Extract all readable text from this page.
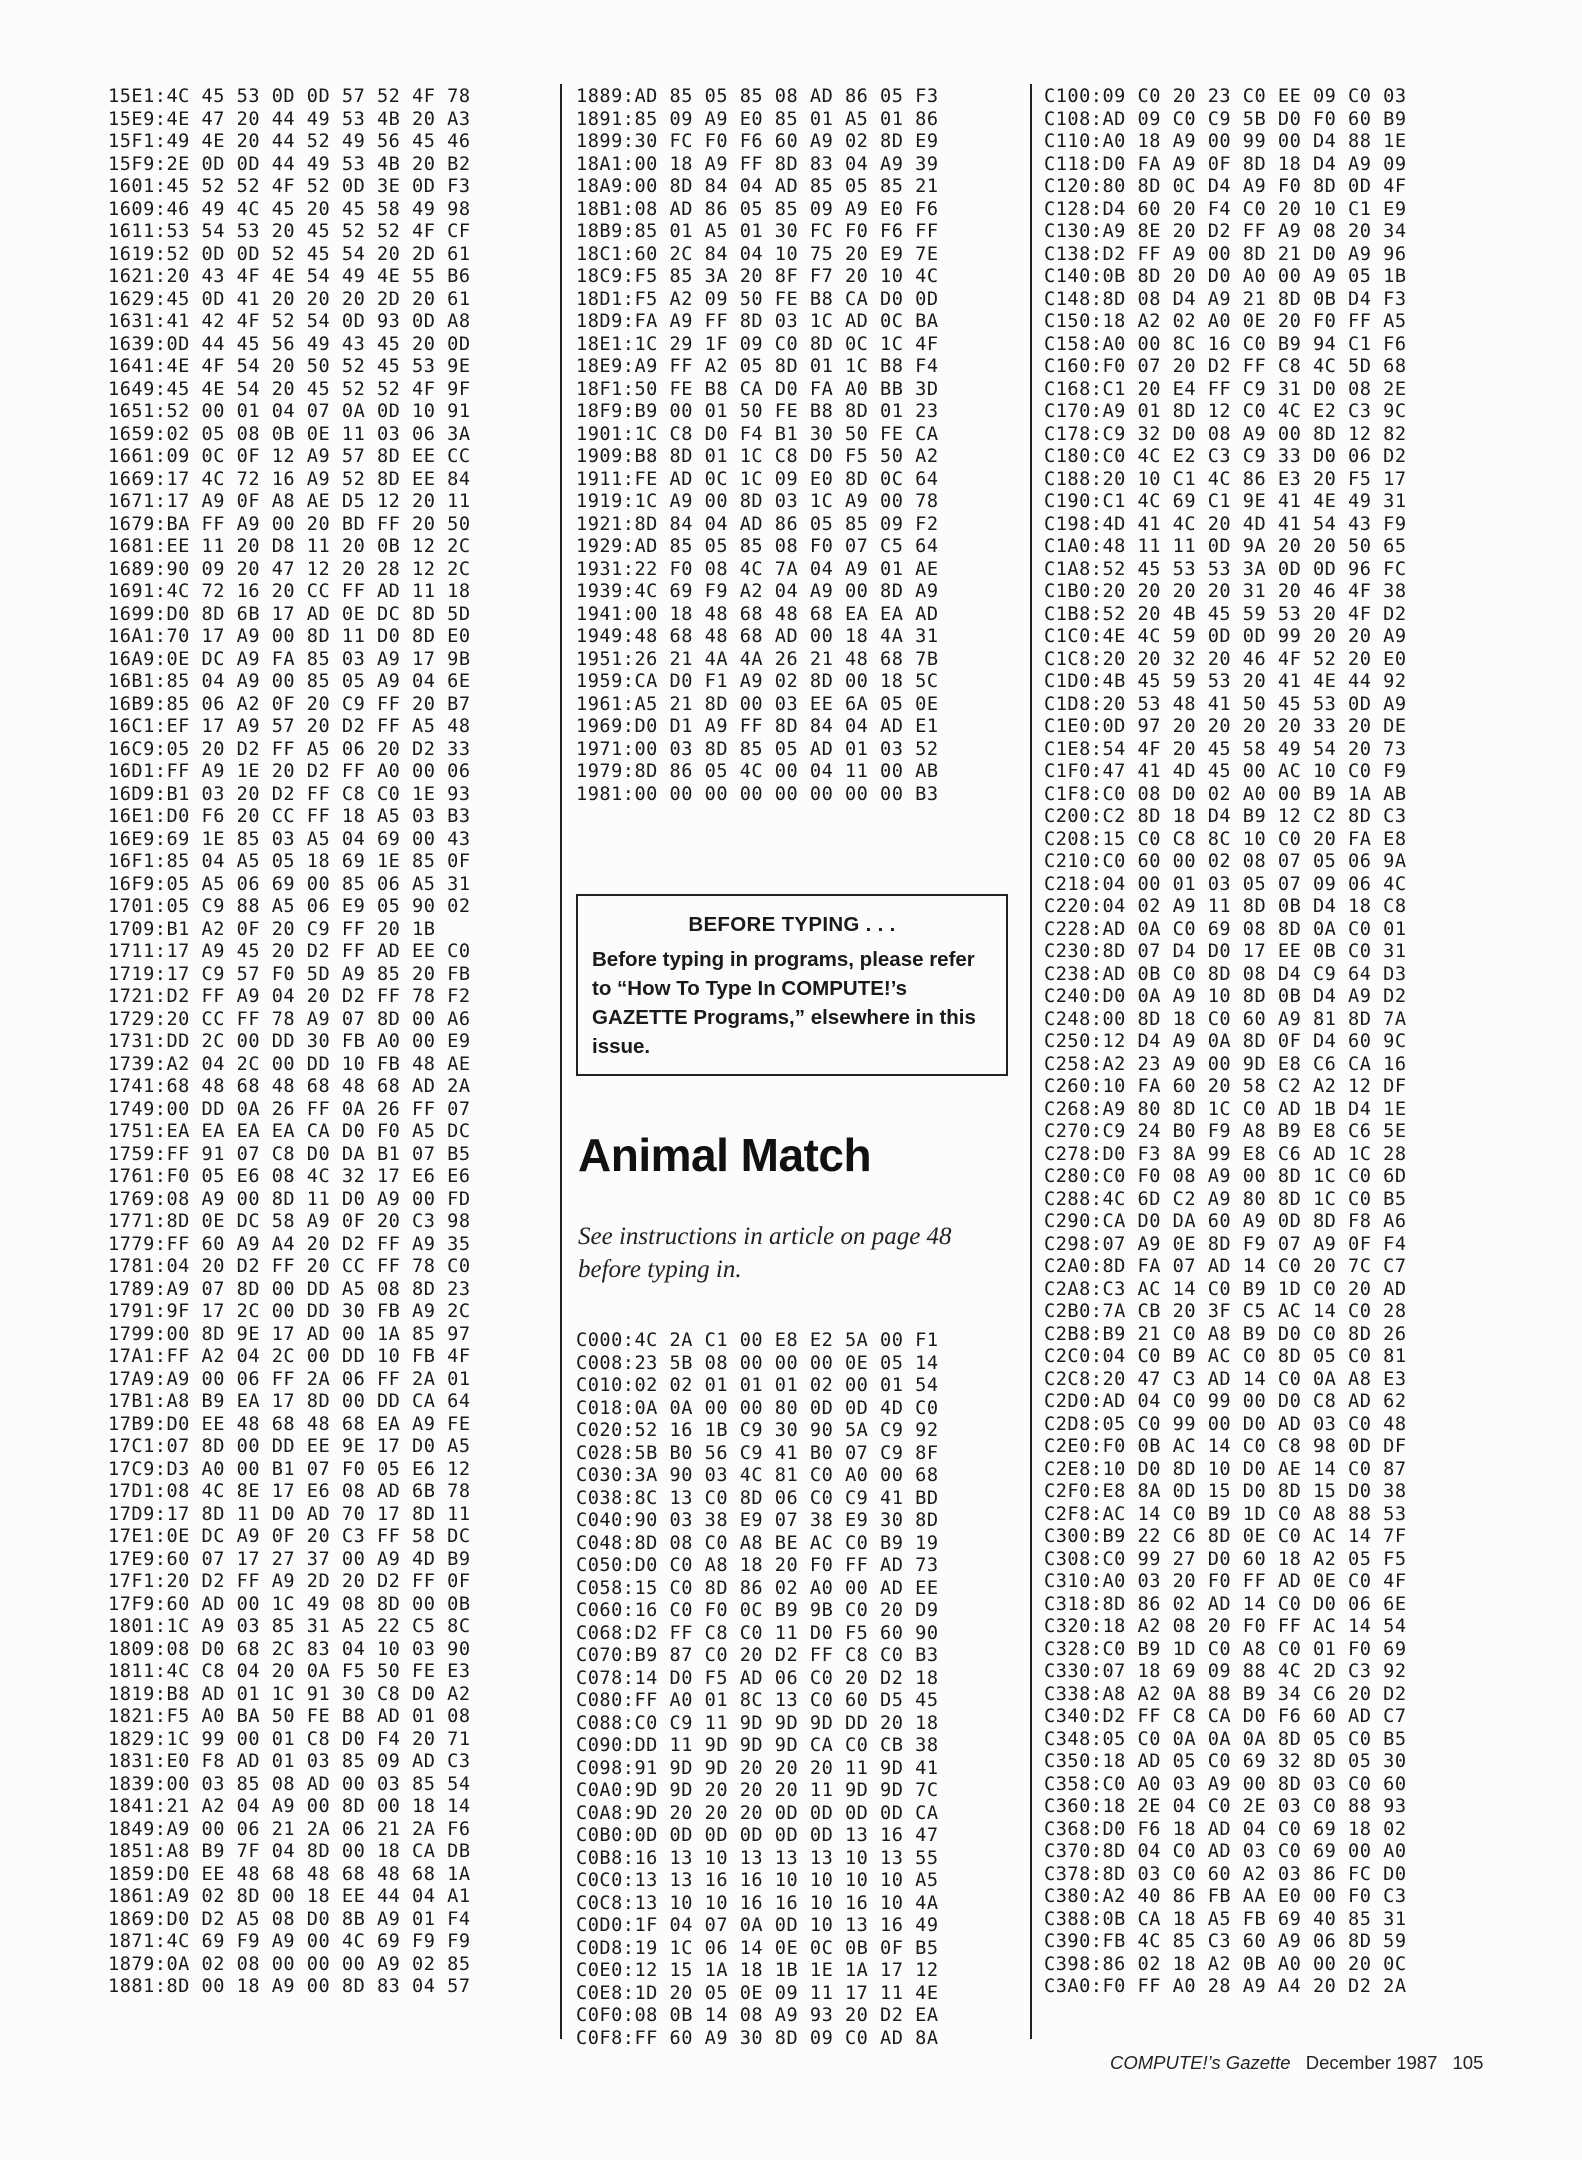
15E1:4C 45 53 0D 0D 57 52 4F 78
15E9:4E 47 20 44 49 53 4B 20 A3
15F1:49 4E 20 44 52 49 56 45 46
15F9:2E 0D 0D 44 49 53 4B 20 B2
1601:45 52 52 4F 52 0D 3E 0D F3
1609:46 49 4C 45 20 45 58 49 98
1611:53 54 53 20 45 52 52 4F CF
1619:52 0D 0D 52 45 54 20 2D 61
1621:20 43 4F 4E 54 49 4E 55 B6
1629:45 0D 41 20 20 20 2D 20 61
1631:41 42 4F 52 54 0D 93 0D A8
1639:0D 44 45 56 49 43 45 20 0D
1641:4E 4F 54 20 50 52 45 53 9E
1649:45 4E 54 20 45 52 52 4F 9F
1651:52 00 01 04 07 0A 0D 10 91
1659:02 05 08 0B 0E 11 03 06 3A
1661:09 0C 0F 12 A9 57 8D EE CC
1669:17 4C 72 16 A9 52 8D EE 84
1671:17 A9 0F A8 AE D5 12 20 11
1679:BA FF A9 00 20 BD FF 20 50
1681:EE 11 20 D8 11 20 0B 12 2C
1689:90 09 20 47 12 20 28 12 2C
1691:4C 72 16 20 CC FF AD 11 18
1699:D0 8D 6B 17 AD 0E DC 8D 5D
16A1:70 17 A9 00 8D 11 D0 8D E0
16A9:0E DC A9 FA 85 03 A9 17 9B
16B1:85 04 A9 00 85 05 A9 04 6E
16B9:85 06 A2 0F 20 C9 FF 20 B7
16C1:EF 17 A9 57 20 D2 FF A5 48
16C9:05 20 D2 FF A5 06 20 D2 33
16D1:FF A9 1E 20 D2 FF A0 00 06
16D9:B1 03 20 D2 FF C8 C0 1E 93
16E1:D0 F6 20 CC FF 18 A5 03 B3
16E9:69 1E 85 03 A5 04 69 00 43
16F1:85 04 A5 05 18 69 1E 85 0F
16F9:05 A5 06 69 00 85 06 A5 31
1701:05 C9 88 A5 06 E9 05 90 02
1709:B1 A2 0F 20 C9 FF 20 1B
1711:17 A9 45 20 D2 FF AD EE C0
1719:17 C9 57 F0 5D A9 85 20 FB
1721:D2 FF A9 04 20 D2 FF 78 F2
1729:20 CC FF 78 A9 07 8D 00 A6
1731:DD 2C 00 DD 30 FB A0 00 E9
1739:A2 04 2C 00 DD 10 FB 48 AE
1741:68 48 68 48 68 48 68 AD 2A
1749:00 DD 0A 26 FF 0A 26 FF 07
1751:EA EA EA EA CA D0 F0 A5 DC
1759:FF 91 07 C8 D0 DA B1 07 B5
1761:F0 05 E6 08 4C 32 17 E6 E6
1769:08 A9 00 8D 11 D0 A9 00 FD
1771:8D 0E DC 58 A9 0F 20 C3 98
1779:FF 60 A9 A4 20 D2 FF A9 35
1781:04 20 D2 FF 20 CC FF 78 C0
1789:A9 07 8D 00 DD A5 08 8D 23
1791:9F 17 2C 00 DD 30 FB A9 2C
1799:00 8D 9E 17 AD 00 1A 85 97
17A1:FF A2 04 2C 00 DD 10 FB 4F
17A9:A9 00 06 FF 2A 06 FF 2A 01
17B1:A8 B9 EA 17 8D 00 DD CA 64
17B9:D0 EE 48 68 48 68 EA A9 FE
17C1:07 8D 00 DD EE 9E 17 D0 A5
17C9:D3 A0 00 B1 07 F0 05 E6 12
17D1:08 4C 8E 17 E6 08 AD 6B 78
17D9:17 8D 11 D0 AD 70 17 8D 11
17E1:0E DC A9 0F 20 C3 FF 58 DC
17E9:60 07 17 27 37 00 A9 4D B9
17F1:20 D2 FF A9 2D 20 D2 FF 0F
17F9:60 AD 00 1C 49 08 8D 00 0B
1801:1C A9 03 85 31 A5 22 C5 8C
1809:08 D0 68 2C 83 04 10 03 90
1811:4C C8 04 20 0A F5 50 FE E3
1819:B8 AD 01 1C 91 30 C8 D0 A2
1821:F5 A0 BA 50 FE B8 AD 01 08
1829:1C 99 00 01 C8 D0 F4 20 71
1831:E0 F8 AD 01 03 85 09 AD C3
1839:00 03 85 08 AD 00 03 85 54
1841:21 A2 04 A9 00 8D 00 18 14
1849:A9 00 06 21 2A 06 21 2A F6
1851:A8 B9 7F 04 8D 00 18 CA DB
1859:D0 EE 48 68 48 68 48 68 1A
1861:A9 02 8D 00 18 EE 44 04 A1
1869:D0 D2 A5 08 D0 8B A9 01 F4
1871:4C 69 F9 A9 00 4C 69 F9 F9
1879:0A 02 08 00 00 00 A9 02 85
1881:8D 00 18 A9 00 8D 83 04 57
1889:AD 85 05 85 08 AD 86 05 F3
1891:85 09 A9 E0 85 01 A5 01 86
1899:30 FC F0 F6 60 A9 02 8D E9
18A1:00 18 A9 FF 8D 83 04 A9 39
18A9:00 8D 84 04 AD 85 05 85 21
18B1:08 AD 86 05 85 09 A9 E0 F6
18B9:85 01 A5 01 30 FC F0 F6 FF
18C1:60 2C 84 04 10 75 20 E9 7E
18C9:F5 85 3A 20 8F F7 20 10 4C
18D1:F5 A2 09 50 FE B8 CA D0 0D
18D9:FA A9 FF 8D 03 1C AD 0C BA
18E1:1C 29 1F 09 C0 8D 0C 1C 4F
18E9:A9 FF A2 05 8D 01 1C B8 F4
18F1:50 FE B8 CA D0 FA A0 BB 3D
18F9:B9 00 01 50 FE B8 8D 01 23
1901:1C C8 D0 F4 B1 30 50 FE CA
1909:B8 8D 01 1C C8 D0 F5 50 A2
1911:FE AD 0C 1C 09 E0 8D 0C 64
1919:1C A9 00 8D 03 1C A9 00 78
1921:8D 84 04 AD 86 05 85 09 F2
1929:AD 85 05 85 08 F0 07 C5 64
1931:22 F0 08 4C 7A 04 A9 01 AE
1939:4C 69 F9 A2 04 A9 00 8D A9
1941:00 18 48 68 48 68 EA EA AD
1949:48 68 48 68 AD 00 18 4A 31
1951:26 21 4A 4A 26 21 48 68 7B
1959:CA D0 F1 A9 02 8D 00 18 5C
1961:A5 21 8D 00 03 EE 6A 05 0E
1969:D0 D1 A9 FF 8D 84 04 AD E1
1971:00 03 8D 85 05 AD 01 03 52
1979:8D 86 05 4C 00 04 11 00 AB
1981:00 00 00 00 00 00 00 00 B3
BEFORE TYPING . . .
Before typing in programs, please refer to “How To Type In COMPUTE!’s GAZETTE Programs,” elsewhere in this issue.
Animal Match
See instructions in article on page 48 before typing in.
C000:4C 2A C1 00 E8 E2 5A 00 F1
C008:23 5B 08 00 00 00 0E 05 14
C010:02 02 01 01 01 02 00 01 54
C018:0A 0A 00 00 80 0D 0D 4D C0
C020:52 16 1B C9 30 90 5A C9 92
C028:5B B0 56 C9 41 B0 07 C9 8F
C030:3A 90 03 4C 81 C0 A0 00 68
C038:8C 13 C0 8D 06 C0 C9 41 BD
C040:90 03 38 E9 07 38 E9 30 8D
C048:8D 08 C0 A8 BE AC C0 B9 19
C050:D0 C0 A8 18 20 F0 FF AD 73
C058:15 C0 8D 86 02 A0 00 AD EE
C060:16 C0 F0 0C B9 9B C0 20 D9
C068:D2 FF C8 C0 11 D0 F5 60 90
C070:B9 87 C0 20 D2 FF C8 C0 B3
C078:14 D0 F5 AD 06 C0 20 D2 18
C080:FF A0 01 8C 13 C0 60 D5 45
C088:C0 C9 11 9D 9D 9D DD 20 18
C090:DD 11 9D 9D 9D CA C0 CB 38
C098:91 9D 9D 20 20 20 11 9D 41
C0A0:9D 9D 20 20 20 11 9D 9D 7C
C0A8:9D 20 20 20 0D 0D 0D 0D CA
C0B0:0D 0D 0D 0D 0D 0D 13 16 47
C0B8:16 13 10 13 13 13 10 13 55
C0C0:13 13 16 16 10 10 10 10 A5
C0C8:13 10 10 16 16 10 16 10 4A
C0D0:1F 04 07 0A 0D 10 13 16 49
C0D8:19 1C 06 14 0E 0C 0B 0F B5
C0E0:12 15 1A 18 1B 1E 1A 17 12
C0E8:1D 20 05 0E 09 11 17 11 4E
C0F0:08 0B 14 08 A9 93 20 D2 EA
C0F8:FF 60 A9 30 8D 09 C0 AD 8A
C100:09 C0 20 23 C0 EE 09 C0 03
C108:AD 09 C0 C9 5B D0 F0 60 B9
C110:A0 18 A9 00 99 00 D4 88 1E
C118:D0 FA A9 0F 8D 18 D4 A9 09
C120:80 8D 0C D4 A9 F0 8D 0D 4F
C128:D4 60 20 F4 C0 20 10 C1 E9
C130:A9 8E 20 D2 FF A9 08 20 34
C138:D2 FF A9 00 8D 21 D0 A9 96
C140:0B 8D 20 D0 A0 00 A9 05 1B
C148:8D 08 D4 A9 21 8D 0B D4 F3
C150:18 A2 02 A0 0E 20 F0 FF A5
C158:A0 00 8C 16 C0 B9 94 C1 F6
C160:F0 07 20 D2 FF C8 4C 5D 68
C168:C1 20 E4 FF C9 31 D0 08 2E
C170:A9 01 8D 12 C0 4C E2 C3 9C
C178:C9 32 D0 08 A9 00 8D 12 82
C180:C0 4C E2 C3 C9 33 D0 06 D2
C188:20 10 C1 4C 86 E3 20 F5 17
C190:C1 4C 69 C1 9E 41 4E 49 31
C198:4D 41 4C 20 4D 41 54 43 F9
C1A0:48 11 11 0D 9A 20 20 50 65
C1A8:52 45 53 53 3A 0D 0D 96 FC
C1B0:20 20 20 20 31 20 46 4F 38
C1B8:52 20 4B 45 59 53 20 4F D2
C1C0:4E 4C 59 0D 0D 99 20 20 A9
C1C8:20 20 32 20 46 4F 52 20 E0
C1D0:4B 45 59 53 20 41 4E 44 92
C1D8:20 53 48 41 50 45 53 0D A9
C1E0:0D 97 20 20 20 20 33 20 DE
C1E8:54 4F 20 45 58 49 54 20 73
C1F0:47 41 4D 45 00 AC 10 C0 F9
C1F8:C0 08 D0 02 A0 00 B9 1A AB
C200:C2 8D 18 D4 B9 12 C2 8D C3
C208:15 C0 C8 8C 10 C0 20 FA E8
C210:C0 60 00 02 08 07 05 06 9A
C218:04 00 01 03 05 07 09 06 4C
C220:04 02 A9 11 8D 0B D4 18 C8
C228:AD 0A C0 69 08 8D 0A C0 01
C230:8D 07 D4 D0 17 EE 0B C0 31
C238:AD 0B C0 8D 08 D4 C9 64 D3
C240:D0 0A A9 10 8D 0B D4 A9 D2
C248:00 8D 18 C0 60 A9 81 8D 7A
C250:12 D4 A9 0A 8D 0F D4 60 9C
C258:A2 23 A9 00 9D E8 C6 CA 16
C260:10 FA 60 20 58 C2 A2 12 DF
C268:A9 80 8D 1C C0 AD 1B D4 1E
C270:C9 24 B0 F9 A8 B9 E8 C6 5E
C278:D0 F3 8A 99 E8 C6 AD 1C 28
C280:C0 F0 08 A9 00 8D 1C C0 6D
C288:4C 6D C2 A9 80 8D 1C C0 B5
C290:CA D0 DA 60 A9 0D 8D F8 A6
C298:07 A9 0E 8D F9 07 A9 0F F4
C2A0:8D FA 07 AD 14 C0 20 7C C7
C2A8:C3 AC 14 C0 B9 1D C0 20 AD
C2B0:7A CB 20 3F C5 AC 14 C0 28
C2B8:B9 21 C0 A8 B9 D0 C0 8D 26
C2C0:04 C0 B9 AC C0 8D 05 C0 81
C2C8:20 47 C3 AD 14 C0 0A A8 E3
C2D0:AD 04 C0 99 00 D0 C8 AD 62
C2D8:05 C0 99 00 D0 AD 03 C0 48
C2E0:F0 0B AC 14 C0 C8 98 0D DF
C2E8:10 D0 8D 10 D0 AE 14 C0 87
C2F0:E8 8A 0D 15 D0 8D 15 D0 38
C2F8:AC 14 C0 B9 1D C0 A8 88 53
C300:B9 22 C6 8D 0E C0 AC 14 7F
C308:C0 99 27 D0 60 18 A2 05 F5
C310:A0 03 20 F0 FF AD 0E C0 4F
C318:8D 86 02 AD 14 C0 D0 06 6E
C320:18 A2 08 20 F0 FF AC 14 54
C328:C0 B9 1D C0 A8 C0 01 F0 69
C330:07 18 69 09 88 4C 2D C3 92
C338:A8 A2 0A 88 B9 34 C6 20 D2
C340:D2 FF C8 CA D0 F6 60 AD C7
C348:05 C0 0A 0A 0A 8D 05 C0 B5
C350:18 AD 05 C0 69 32 8D 05 30
C358:C0 A0 03 A9 00 8D 03 C0 60
C360:18 2E 04 C0 2E 03 C0 88 93
C368:D0 F6 18 AD 04 C0 69 18 02
C370:8D 04 C0 AD 03 C0 69 00 A0
C378:8D 03 C0 60 A2 03 86 FC D0
C380:A2 40 86 FB AA E0 00 F0 C3
C388:0B CA 18 A5 FB 69 40 85 31
C390:FB 4C 85 C3 60 A9 06 8D 59
C398:86 02 18 A2 0B A0 00 20 0C
C3A0:F0 FF A0 28 A9 A4 20 D2 2A
COMPUTE!’s Gazette December 1987 105
